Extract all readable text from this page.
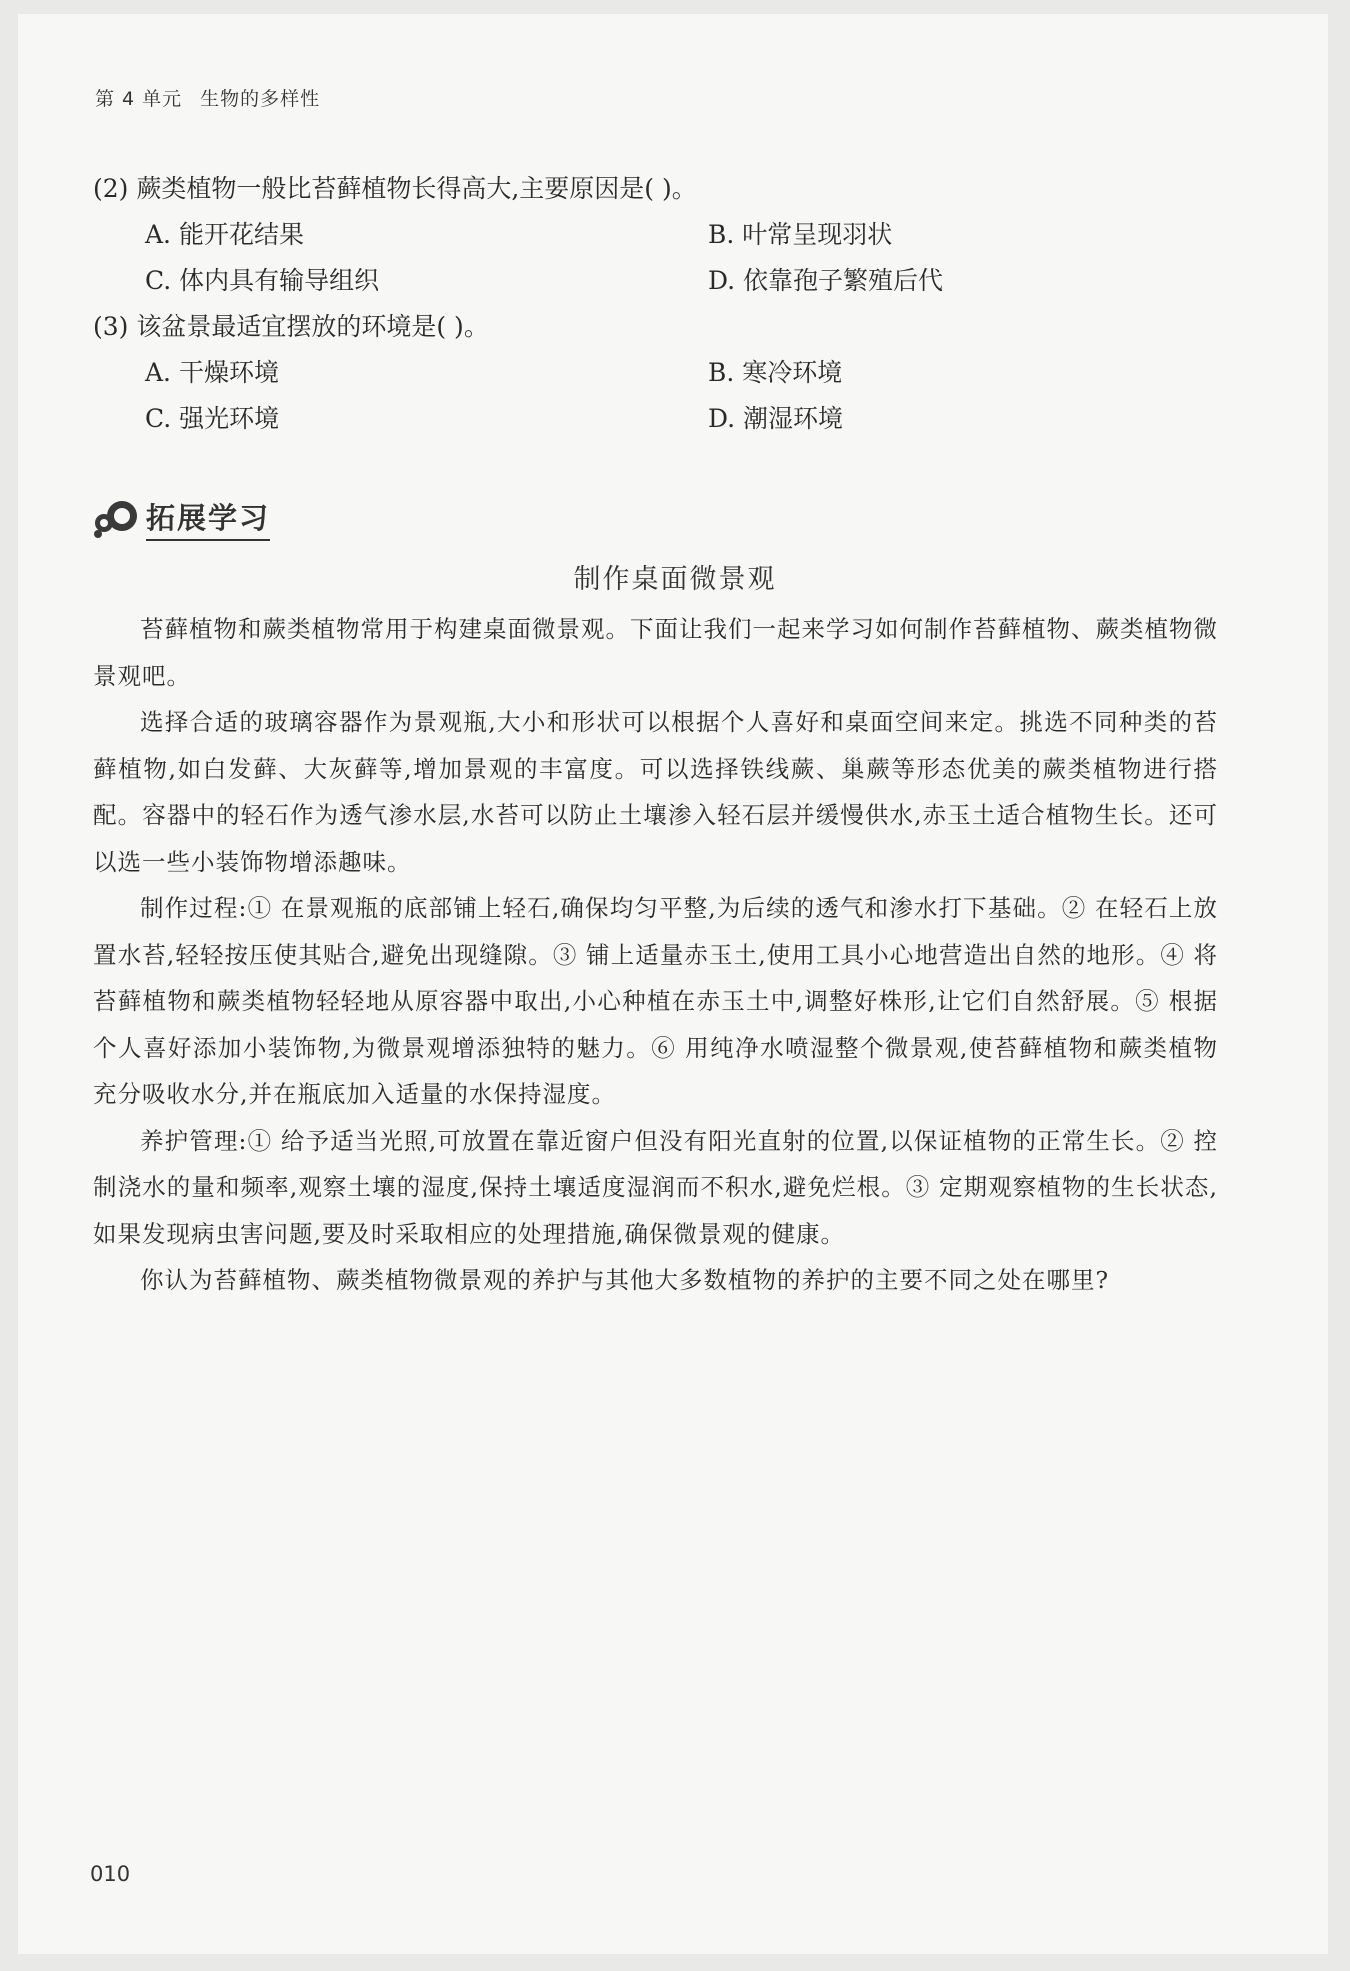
第 4 单元 生物的多样性
(2) 蕨类植物一般比苔藓植物长得高大,主要原因是( )。
A. 能开花结果	B. 叶常呈现羽状
C. 体内具有输导组织	D. 依靠孢子繁殖后代
(3) 该盆景最适宜摆放的环境是( )。
A. 干燥环境	B. 寒冷环境
C. 强光环境	D. 潮湿环境
拓展学习
制作桌面微景观

苔藓植物和蕨类植物常用于构建桌面微景观。下面让我们一起来学习如何制作苔藓植物、蕨类植物微景观吧。

选择合适的玻璃容器作为景观瓶,大小和形状可以根据个人喜好和桌面空间来定。挑选不同种类的苔藓植物,如白发藓、大灰藓等,增加景观的丰富度。可以选择铁线蕨、巢蕨等形态优美的蕨类植物进行搭配。容器中的轻石作为透气渗水层,水苔可以防止土壤渗入轻石层并缓慢供水,赤玉土适合植物生长。还可以选一些小装饰物增添趣味。

制作过程:① 在景观瓶的底部铺上轻石,确保均匀平整,为后续的透气和渗水打下基础。② 在轻石上放置水苔,轻轻按压使其贴合,避免出现缝隙。③ 铺上适量赤玉土,使用工具小心地营造出自然的地形。④ 将苔藓植物和蕨类植物轻轻地从原容器中取出,小心种植在赤玉土中,调整好株形,让它们自然舒展。⑤ 根据个人喜好添加小装饰物,为微景观增添独特的魅力。⑥ 用纯净水喷湿整个微景观,使苔藓植物和蕨类植物充分吸收水分,并在瓶底加入适量的水保持湿度。

养护管理:① 给予适当光照,可放置在靠近窗户但没有阳光直射的位置,以保证植物的正常生长。② 控制浇水的量和频率,观察土壤的湿度,保持土壤适度湿润而不积水,避免烂根。③ 定期观察植物的生长状态,如果发现病虫害问题,要及时采取相应的处理措施,确保微景观的健康。

你认为苔藓植物、蕨类植物微景观的养护与其他大多数植物的养护的主要不同之处在哪里?

010
